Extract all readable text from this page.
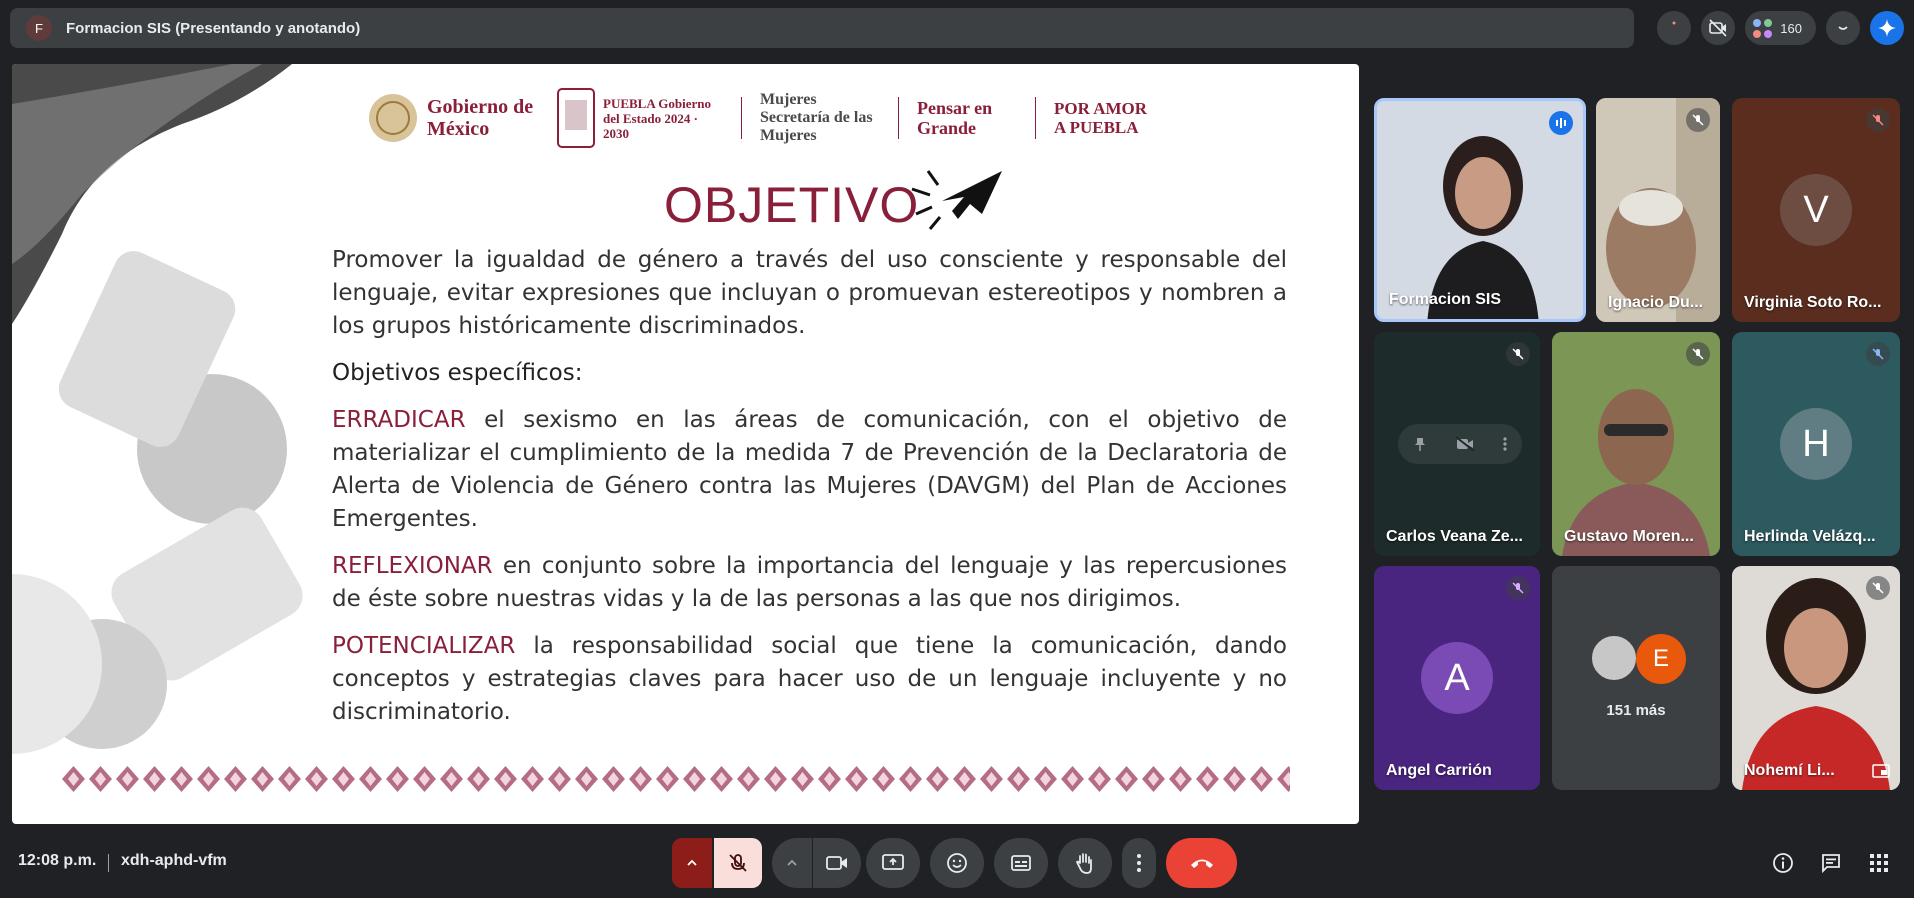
F	Formacion SIS (Presentando y anotando)	160
Gobierno de México
PUEBLA Gobierno del Estado 2024 · 2030
Mujeres Secretaría de las Mujeres
Pensar en Grande
POR AMOR A PUEBLA
OBJETIVO

Promover la igualdad de género a través del uso consciente y responsable del lenguaje, evitar expresiones que incluyan o promuevan estereotipos y nombren a los grupos históricamente discriminados.

Objetivos específicos:

ERRADICAR el sexismo en las áreas de comunicación, con el objetivo de materializar el cumplimiento de la medida 7 de Prevención de la Declaratoria de Alerta de Violencia de Género contra las Mujeres (DAVGM) del Plan de Acciones Emergentes.

REFLEXIONAR en conjunto sobre la importancia del lenguaje y las repercusiones de éste sobre nuestras vidas y la de las personas a las que nos dirigimos.

POTENCIALIZAR la responsabilidad social que tiene la comunicación, dando conceptos y estrategias claves para hacer uso de un lenguaje incluyente y no discriminatorio.

Formacion SIS	Ignacio Du...
V
Virginia Soto Ro...
Carlos Veana Ze...	Gustavo Moren...
H
Herlinda Velázq...
A
Angel Carrión
E
151 más
Nohemí Li...
12:08 p.m. xdh-aphd-vfm
